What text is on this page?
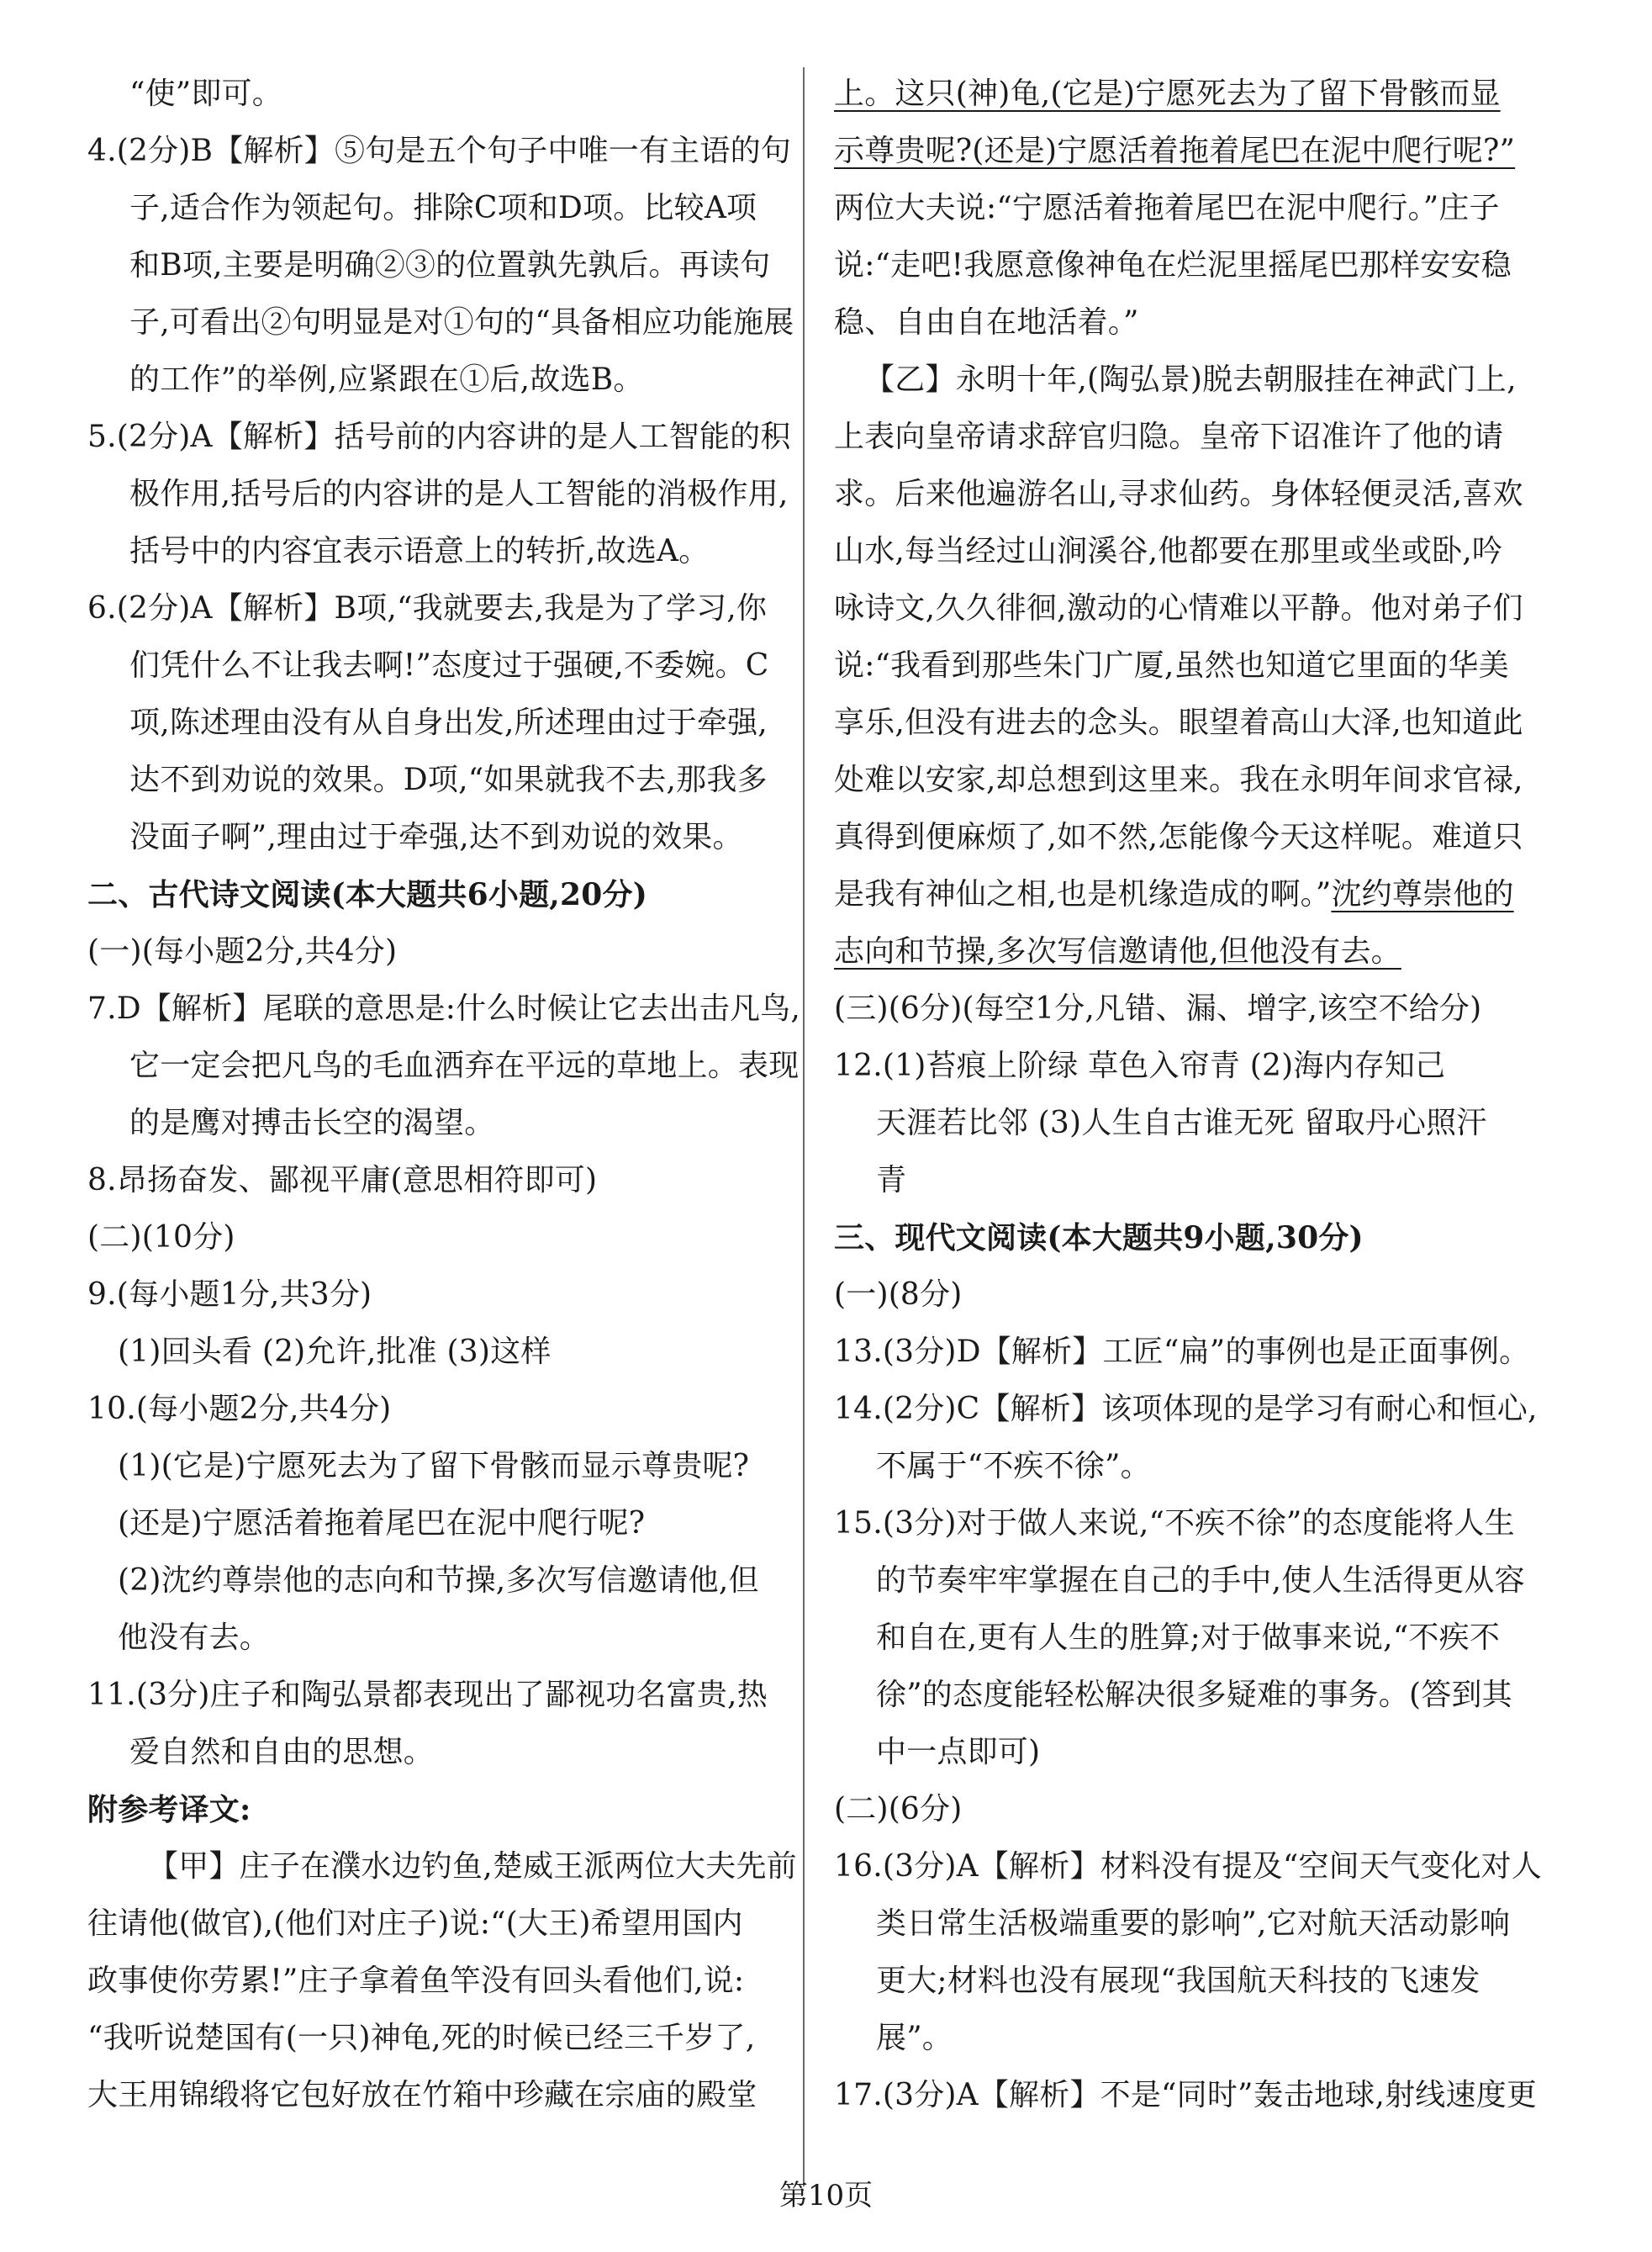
“使”即可。
4.(2分)B【解析】⑤句是五个句子中唯一有主语的句
子,适合作为领起句。排除C项和D项。比较A项
和B项,主要是明确②③的位置孰先孰后。再读句
子,可看出②句明显是对①句的“具备相应功能施展
的工作”的举例,应紧跟在①后,故选B。
5.(2分)A【解析】括号前的内容讲的是人工智能的积
极作用,括号后的内容讲的是人工智能的消极作用,
括号中的内容宜表示语意上的转折,故选A。
6.(2分)A【解析】B项,“我就要去,我是为了学习,你
们凭什么不让我去啊!”态度过于强硬,不委婉。C
项,陈述理由没有从自身出发,所述理由过于牵强,
达不到劝说的效果。D项,“如果就我不去,那我多
没面子啊”,理由过于牵强,达不到劝说的效果。
二、古代诗文阅读(本大题共6小题,20分)
(一)(每小题2分,共4分)
7.D【解析】尾联的意思是:什么时候让它去出击凡鸟,
它一定会把凡鸟的毛血洒弃在平远的草地上。表现
的是鹰对搏击长空的渴望。
8.昂扬奋发、鄙视平庸(意思相符即可)
(二)(10分)
9.(每小题1分,共3分)
(1)回头看 (2)允许,批准 (3)这样
10.(每小题2分,共4分)
(1)(它是)宁愿死去为了留下骨骸而显示尊贵呢?
(还是)宁愿活着拖着尾巴在泥中爬行呢?
(2)沈约尊崇他的志向和节操,多次写信邀请他,但
他没有去。
11.(3分)庄子和陶弘景都表现出了鄙视功名富贵,热
爱自然和自由的思想。
附参考译文:
【甲】庄子在濮水边钓鱼,楚威王派两位大夫先前
往请他(做官),(他们对庄子)说:“(大王)希望用国内
政事使你劳累!”庄子拿着鱼竿没有回头看他们,说:
“我听说楚国有(一只)神龟,死的时候已经三千岁了,
大王用锦缎将它包好放在竹箱中珍藏在宗庙的殿堂
上。这只(神)龟,(它是)宁愿死去为了留下骨骸而显
示尊贵呢?(还是)宁愿活着拖着尾巴在泥中爬行呢?”
两位大夫说:“宁愿活着拖着尾巴在泥中爬行。”庄子
说:“走吧!我愿意像神龟在烂泥里摇尾巴那样安安稳
稳、自由自在地活着。”
【乙】永明十年,(陶弘景)脱去朝服挂在神武门上,
上表向皇帝请求辞官归隐。皇帝下诏准许了他的请
求。后来他遍游名山,寻求仙药。身体轻便灵活,喜欢
山水,每当经过山涧溪谷,他都要在那里或坐或卧,吟
咏诗文,久久徘徊,激动的心情难以平静。他对弟子们
说:“我看到那些朱门广厦,虽然也知道它里面的华美
享乐,但没有进去的念头。眼望着高山大泽,也知道此
处难以安家,却总想到这里来。我在永明年间求官禄,
真得到便麻烦了,如不然,怎能像今天这样呢。难道只
是我有神仙之相,也是机缘造成的啊。”沈约尊崇他的
志向和节操,多次写信邀请他,但他没有去。
(三)(6分)(每空1分,凡错、漏、增字,该空不给分)
12.(1)苔痕上阶绿 草色入帘青 (2)海内存知己
天涯若比邻 (3)人生自古谁无死 留取丹心照汗
青
三、现代文阅读(本大题共9小题,30分)
(一)(8分)
13.(3分)D【解析】工匠“扁”的事例也是正面事例。
14.(2分)C【解析】该项体现的是学习有耐心和恒心,
不属于“不疾不徐”。
15.(3分)对于做人来说,“不疾不徐”的态度能将人生
的节奏牢牢掌握在自己的手中,使人生活得更从容
和自在,更有人生的胜算;对于做事来说,“不疾不
徐”的态度能轻松解决很多疑难的事务。(答到其
中一点即可)
(二)(6分)
16.(3分)A【解析】材料没有提及“空间天气变化对人
类日常生活极端重要的影响”,它对航天活动影响
更大;材料也没有展现“我国航天科技的飞速发
展”。
17.(3分)A【解析】不是“同时”轰击地球,射线速度更
第10页
